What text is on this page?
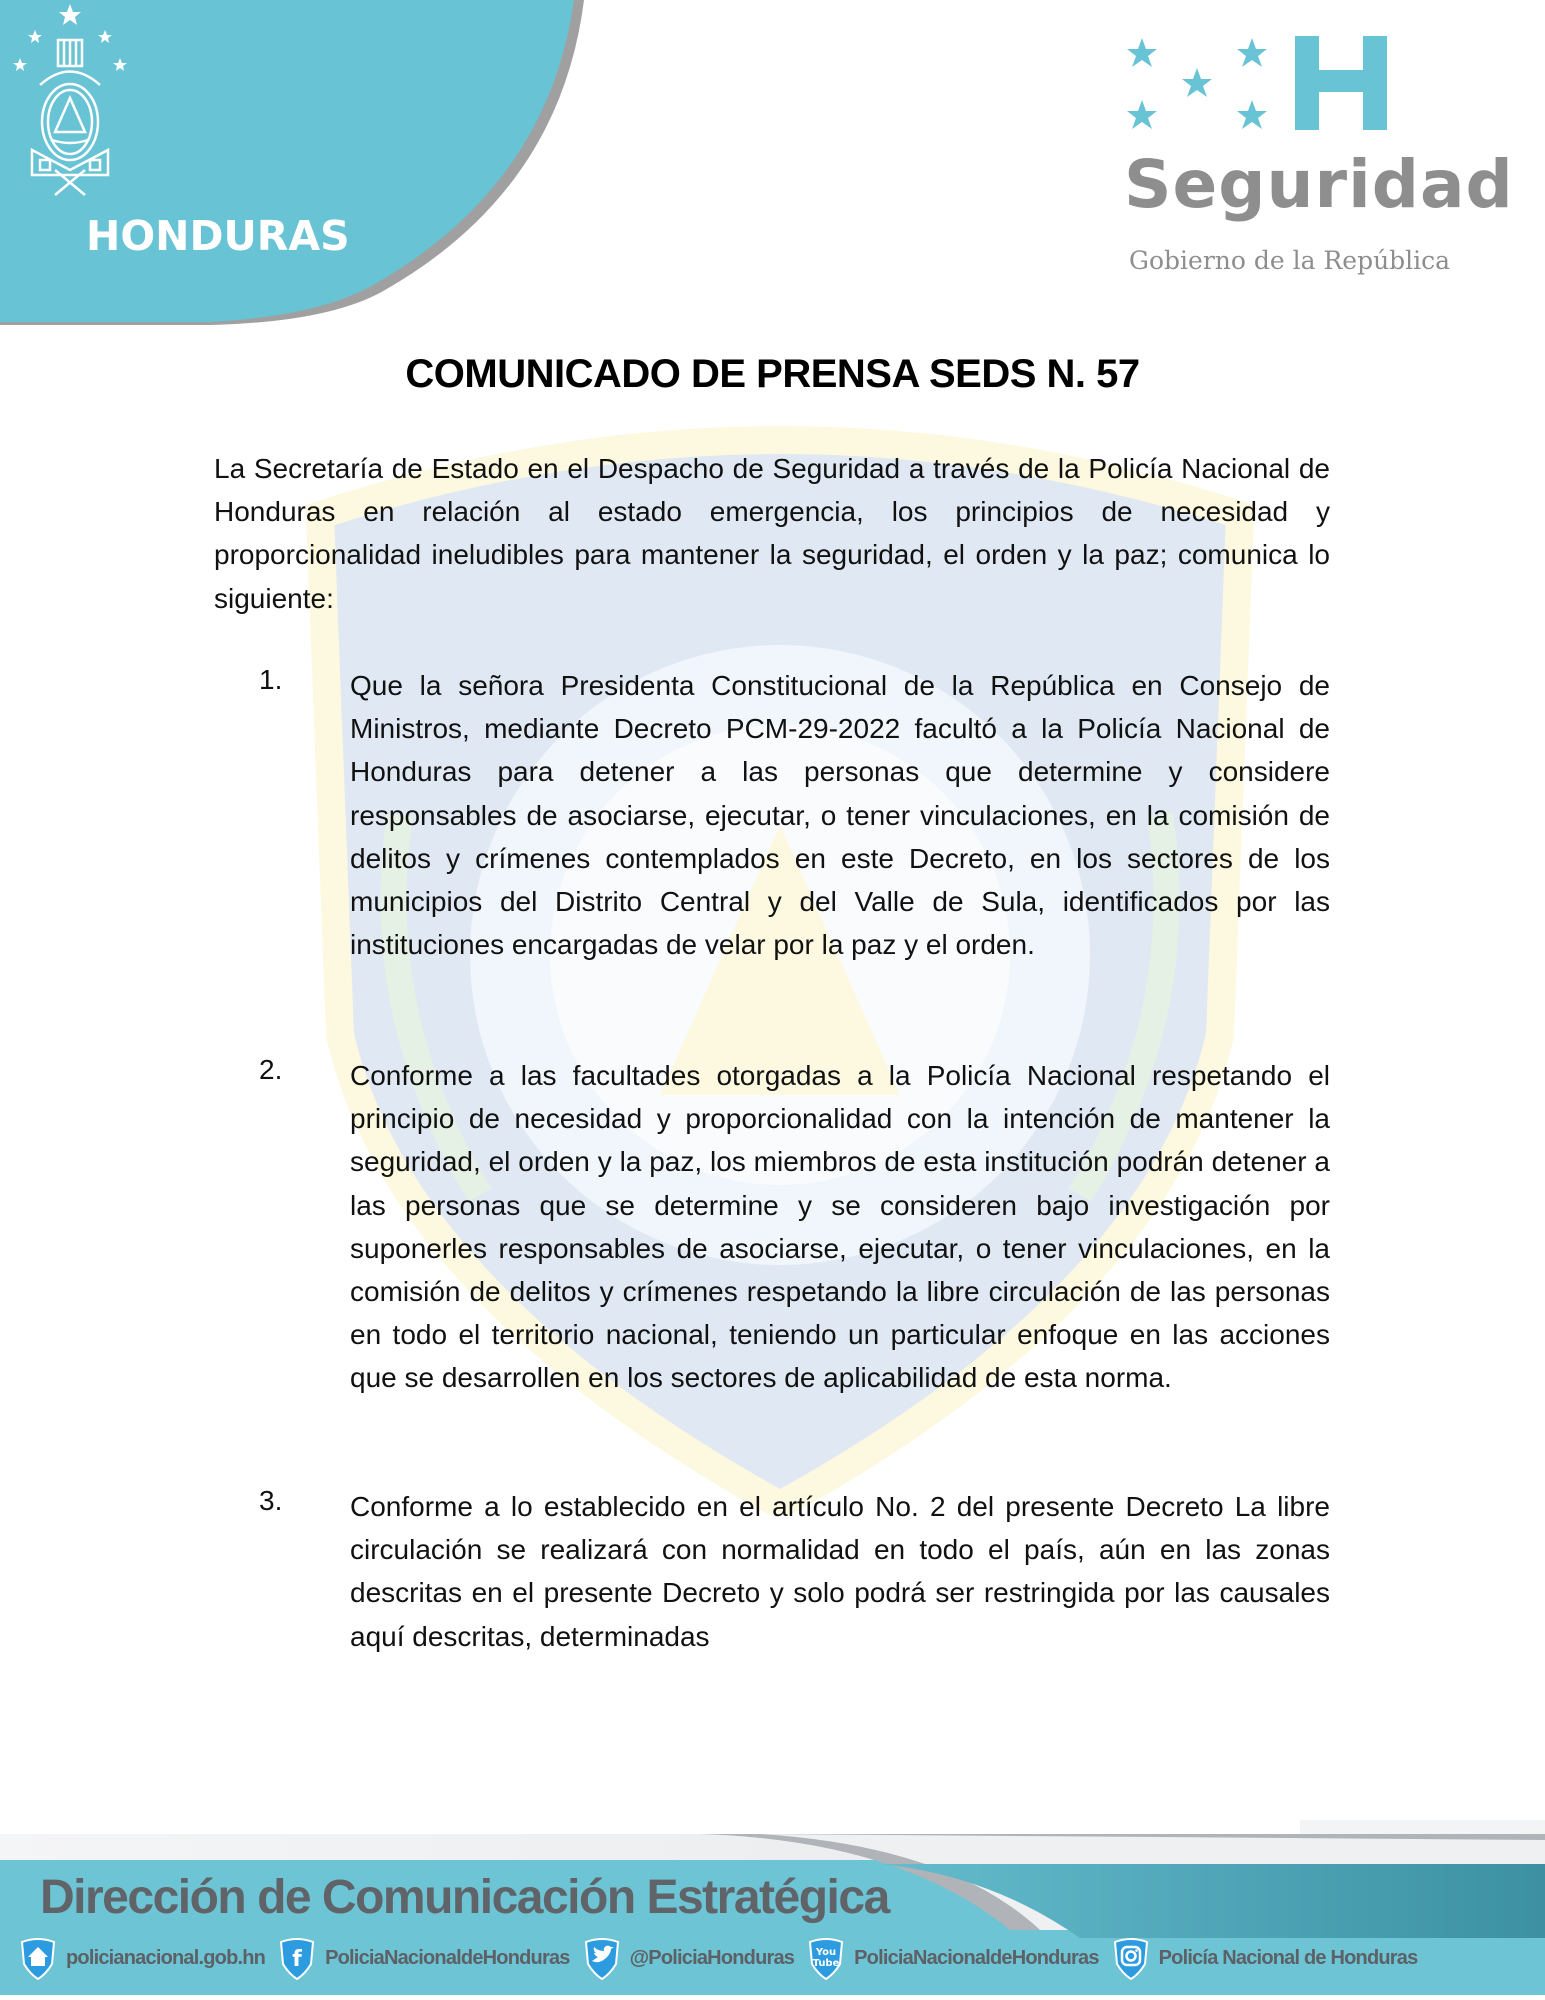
HONDURAS
Seguridad
Gobierno de la República
COMUNICADO DE PRENSA SEDS N. 57
La Secretaría de Estado en el Despacho de Seguridad a través de la Policía Nacional de Honduras en relación al estado emergencia, los principios de necesidad y proporcionalidad ineludibles para mantener la seguridad, el orden y la paz; comunica lo siguiente:
1. Que la señora Presidenta Constitucional de la República en Consejo de Ministros, mediante Decreto PCM-29-2022 facultó a la Policía Nacional de Honduras para detener a las personas que determine y considere responsables de asociarse, ejecutar, o tener vinculaciones, en la comisión de delitos y crímenes contemplados en este Decreto, en los sectores de los municipios del Distrito Central y del Valle de Sula, identificados por las instituciones encargadas de velar por la paz y el orden.
2. Conforme a las facultades otorgadas a la Policía Nacional respetando el principio de necesidad y proporcionalidad con la intención de mantener la seguridad, el orden y la paz, los miembros de esta institución podrán detener a las personas que se determine y se consideren bajo investigación por suponerles responsables de asociarse, ejecutar, o tener vinculaciones, en la comisión de delitos y crímenes respetando la libre circulación de las personas en todo el territorio nacional, teniendo un particular enfoque en las acciones que se desarrollen en los sectores de aplicabilidad de esta norma.
3. Conforme a lo establecido en el artículo No. 2 del presente Decreto La libre circulación se realizará con normalidad en todo el país, aún en las zonas descritas en el presente Decreto y solo podrá ser restringida por las causales aquí descritas, determinadas
Dirección de Comunicación Estratégica
policianacional.gob.hn f PoliciaNacionaldeHonduras	@PoliciaHonduras You
Tube PoliciaNacionaldeHonduras	Policía Nacional de Honduras
